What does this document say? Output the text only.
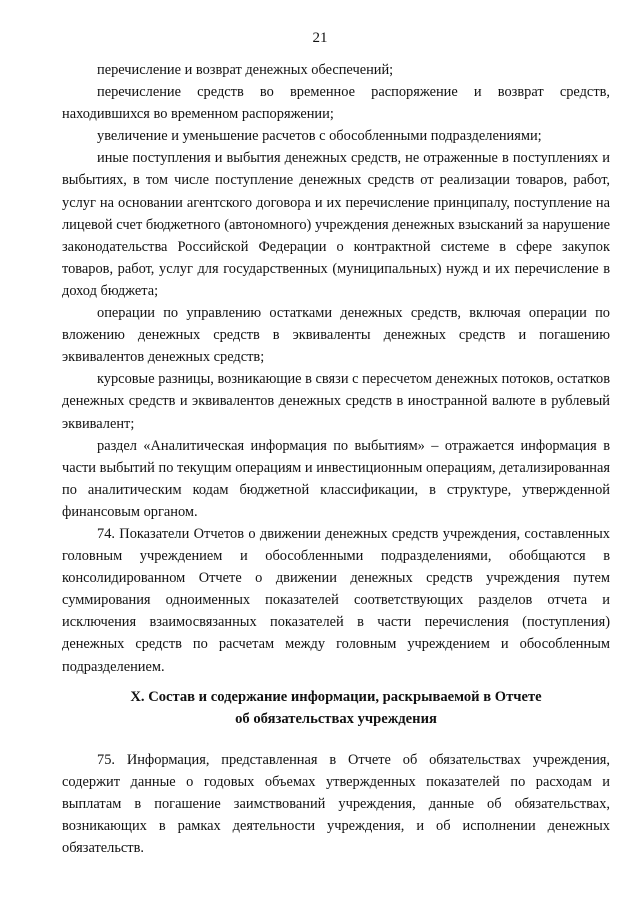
21

перечисление и возврат денежных обеспечений;

перечисление средств во временное распоряжение и возврат средств, находившихся во временном распоряжении;

увеличение и уменьшение расчетов с обособленными подразделениями;

иные поступления и выбытия денежных средств, не отраженные в поступлениях и выбытиях, в том числе поступление денежных средств от реализации товаров, работ, услуг на основании агентского договора и их перечисление принципалу, поступление на лицевой счет бюджетного (автономного) учреждения денежных взысканий за нарушение законодательства Российской Федерации о контрактной системе в сфере закупок товаров, работ, услуг для государственных (муниципальных) нужд и их перечисление в доход бюджета;

операции по управлению остатками денежных средств, включая операции по вложению денежных средств в эквиваленты денежных средств и погашению эквивалентов денежных средств;

курсовые разницы, возникающие в связи с пересчетом денежных потоков, остатков денежных средств и эквивалентов денежных средств в иностранной валюте в рублевый эквивалент;

раздел «Аналитическая информация по выбытиям» – отражается информация в части выбытий по текущим операциям и инвестиционным операциям, детализированная по аналитическим кодам бюджетной классификации, в структуре, утвержденной финансовым органом.

74. Показатели Отчетов о движении денежных средств учреждения, составленных головным учреждением и обособленными подразделениями, обобщаются в консолидированном Отчете о движении денежных средств учреждения путем суммирования одноименных показателей соответствующих разделов отчета и исключения взаимосвязанных показателей в части перечисления (поступления) денежных средств по расчетам между головным учреждением и обособленным подразделением.

X. Состав и содержание информации, раскрываемой в Отчете
об обязательствах учреждения

75. Информация, представленная в Отчете об обязательствах учреждения, содержит данные о годовых объемах утвержденных показателей по расходам и выплатам в погашение заимствований учреждения, данные об обязательствах, возникающих в рамках деятельности учреждения, и об исполнении денежных обязательств.
